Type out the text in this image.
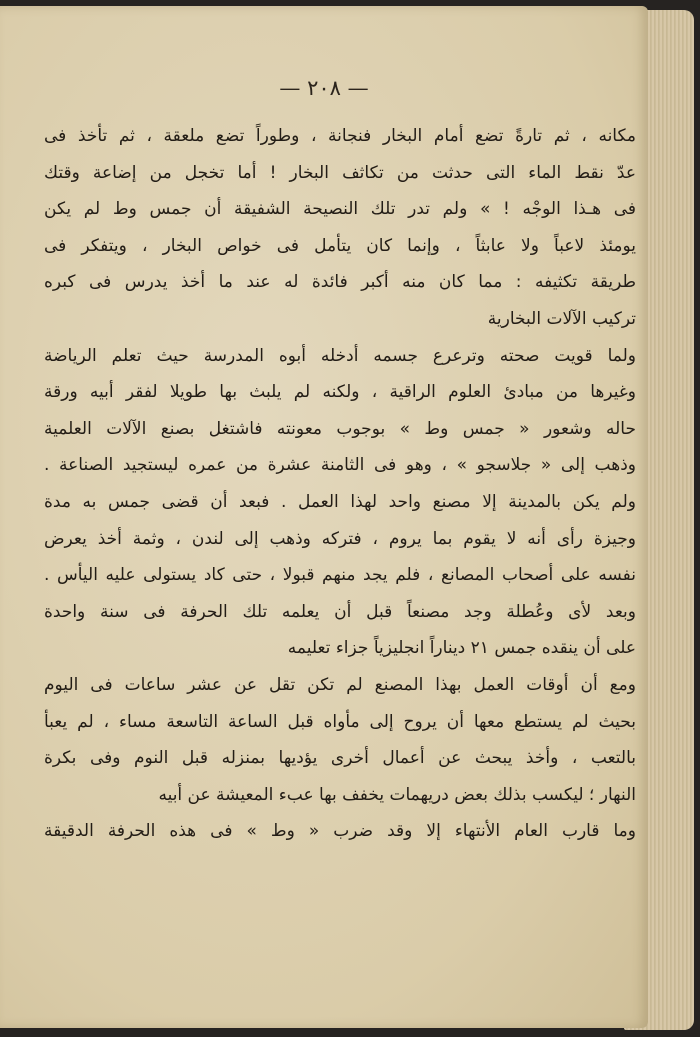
— ٢٠٨ —
مكانه ، ثم تارةً تضع أمام البخار فنجانة ، وطوراً تضع ملعقة ، ثم تأخذ فى
عدّ نقط الماء التى حدثت من تكاثف البخار ! أما تخجل من إضاعة وقتك
فى هـذا الوجْه ! » ولم تدر تلك النصيحة الشفيقة أن جمس وط لم يكن
يومئذ لاعباً ولا عابثاً ، وإنما كان يتأمل فى خواص البخار ، ويتفكر فى
طريقة تكثيفه : مما كان منه أكبر فائدة له عند ما أخذ يدرس فى كبره
تركيب الآلات البخارية
ولما قويت صحته وترعرع جسمه أدخله أبوه المدرسة حيث تعلم الرياضة
وغيرها من مبادئ العلوم الراقية ، ولكنه لم يلبث بها طويلا لفقر أبيه ورقة
حاله وشعور « جمس وط » بوجوب معونته فاشتغل بصنع الآلات العلمية
وذهب إلى « جلاسجو » ، وهو فى الثامنة عشرة من عمره ليستجيد الصناعة .
ولم يكن بالمدينة إلا مصنع واحد لهذا العمل . فبعد أن قضى جمس به مدة
وجيزة رأى أنه لا يقوم بما يروم ، فتركه وذهب إلى لندن ، وثمة أخذ يعرض
نفسه على أصحاب المصانع ، فلم يجد منهم قبولا ، حتى كاد يستولى عليه اليأس .
وبعد لأى وعُطلة وجد مصنعاً قبل أن يعلمه تلك الحرفة فى سنة واحدة
على أن ينقده جمس ٢١ ديناراً انجليزياً جزاء تعليمه
ومع أن أوقات العمل بهذا المصنع لم تكن تقل عن عشر ساعات فى اليوم
بحيث لم يستطع معها أن يروح إلى مأواه قبل الساعة التاسعة مساء ، لم يعبأ
بالتعب ، وأخذ يبحث عن أعمال أخرى يؤديها بمنزله قبل النوم وفى بكرة
النهار ؛ ليكسب بذلك بعض دريهمات يخفف بها عبء المعيشة عن أبيه
وما قارب العام الأنتهاء إلا وقد ضرب « وط » فى هذه الحرفة الدقيقة
